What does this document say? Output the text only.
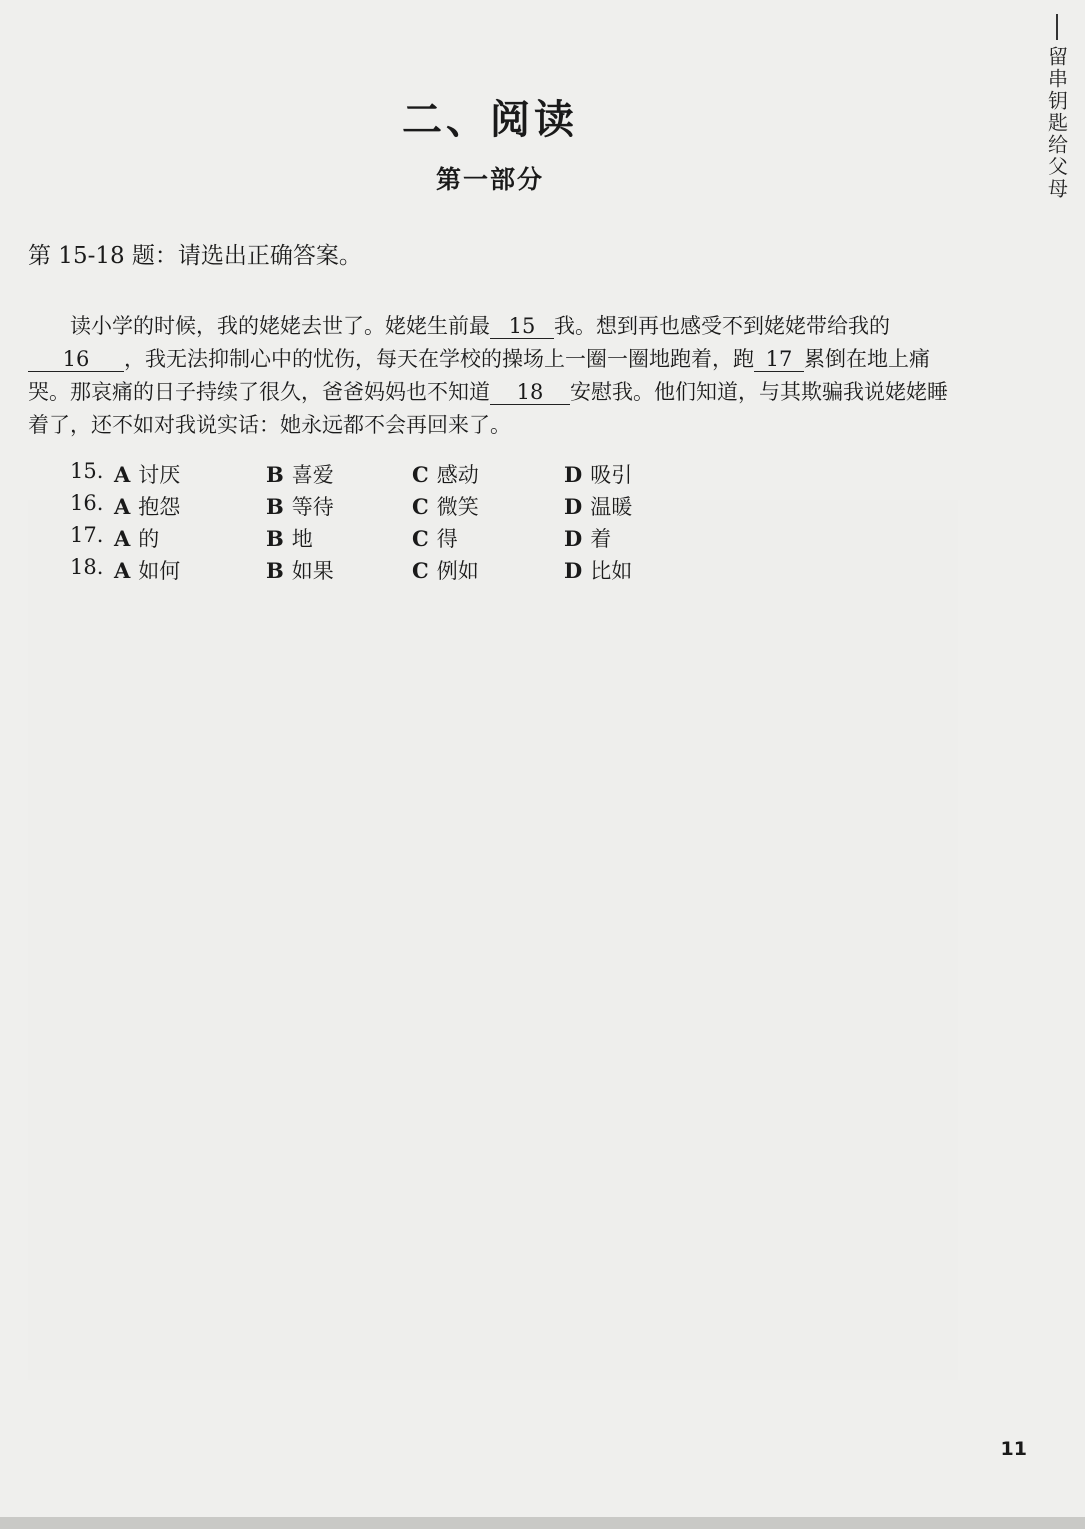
留串钥匙给父母
二、阅读
第一部分
第 15-18 题：请选出正确答案。
读小学的时候，我的姥姥去世了。姥姥生前最 15 我。想到再也感受不到姥姥带给我的16 ，我无法抑制心中的忧伤，每天在学校的操场上一圈一圈地跑着，跑 17 累倒在地上痛哭。那哀痛的日子持续了很久，爸爸妈妈也不知道 18 安慰我。他们知道，与其欺骗我说姥姥睡着了，还不如对我说实话：她永远都不会再回来了。
15. A 讨厌	B 喜爱	C 感动	D 吸引
16. A 抱怨	B 等待	C 微笑	D 温暖
17. A 的	B 地	C 得	D 着
18. A 如何	B 如果	C 例如	D 比如
11
